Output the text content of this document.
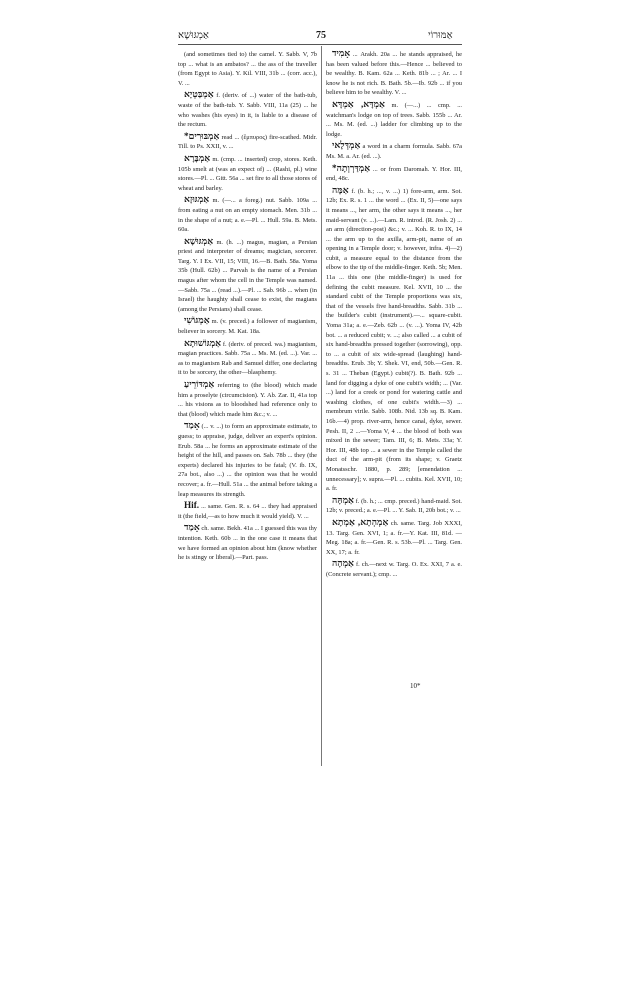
אַמְגּוּשָׁא	75	אַמּוּרוֹי

(and sometimes tied to) the camel. Y. Sabb. V, 7b top ... what is an ambatos? ... the ass of the traveller (from Egypt to Asia). Y. Kil. VIII, 31b ... (corr. acc.), V. ...

אַמְבַּטְיָא f. (deriv. of ...) water of the bath-tub, waste of the bath-tub. Y. Sabb. VIII, 11a (25) ... he who washes (his eyes) in it, is liable to a disease of the rectum.

*אַמְבּוּרִים read ... (ἔμπυρος) fire-scathed. Midr. Till. to Ps. XXII, v. ...

אַמְבָּרָא m. (cmp. ... inserted) crop, stores. Keth. 105b smelt at (was an expect of) ... (Rashi, pl.) wine stores.—Pl. ... Gitt. 56a ... set fire to all those stores of wheat and barley.

אַמְגּוּזָא m. (—... a foreg.) nut. Sabb. 109a ... from eating a nut on an empty stomach. Men. 31b ... in the shape of a nut; a. e.—Pl. ... Hull. 59a. B. Mets. 60a.

אַמְגּוּשָׁא m. (h. ...) magus, magian, a Persian priest and interpreter of dreams; magician, sorcerer. Targ. Y. I Ex. VII, 15; VIII, 16.—B. Bath. 58a. Yoma 35b (Hull. 62b) ... Parvah is the name of a Persian magus after whom the cell in the Temple was named.—Sabb. 75a ... (read ...).—Pl. ... Sab. 96b ... when (in Israel) the haughty shall cease to exist, the magians (among the Persians) shall cease.

אַמְגּוֹשִׁי m. (v. preced.) a follower of magianism, believer in sorcery. M. Kat. 18a.

אַמְגּוֹשׁוּתָא f. (deriv. of preced. wa.) magianism, magian practices. Sabb. 75a ... Ms. M. (ed. ...). Var. ... as to magianism Rab and Samuel differ, one declaring it to be sorcery, the other—blasphemy.

אַמְדּוֹרֵיעַ referring to (the blood) which made him a proselyte (circumcision). Y. Ab. Zar. II, 41a top ... his visions as to bloodshed had reference only to that (blood) which made him &c.; v. ...

אָמַד (... v. ...) to form an approximate estimate, to guess; to appraise, judge, deliver an expert's opinion. Erub. 58a ... he forms an approximate estimate of the height of the hill, and passes on. Sab. 78b ... they (the experts) declared his injuries to be fatal; (V. ib. IX, 27a bot., also ...) ... the opinion was that he would recover; a. fr.—Hull. 51a ... the animal before taking a leap measures its strength.

Hif. ... same. Gen. R. s. 64 ... they had appraised it (the field,—as to how much it would yield). V. ...

אָמַד ch. same. Bekh. 41a ... I guessed this was thy intention. Keth. 60b ... in the one case it means that we have formed an opinion about him (know whether he is stingy or liberal).—Part. pass.

אָמִיד ... Arakh. 20a ... he stands appraised, he has been valued before this.—Hence ... believed to be wealthy. B. Kam. 62a ... Keth. 81b ... ; Ar. ... I know he is not rich. B. Bath. 5b.—Ib. 92b ... if you believe him to be wealthy. V. ...

אַמְדָּא, אַמְדָּא m. (—...) ... cmp. ... watchman's lodge on top of trees. Sabb. 155b ... Ar. ... Ms. M. (ed. ...) ladder for climbing up to the lodge.

אַמְדְּלָאי a word in a charm formula. Sabb. 67a Ms. M. a. Ar. (ed. ...).

*אַמְדַּרְוְתָה ... or from Daromah. Y. Hor. III, end, 48c.

אַמָּה f. (b. h.; ..., v. ...) 1) fore-arm, arm. Sot. 12b; Ex. R. s. 1 ... the word ... (Ex. II, 5)—one says it means ..., her arm, the other says it means ..., her maid-servant (v. ...).—Lam. R. introd. (R. Josh. 2) ... an arm (direction-post) &c.; v. ... Koh. R. to IX, 14 ... the arm up to the axilla, arm-pit, name of an opening in a Temple door; v. however, infra. 4)—2) cubit, a measure equal to the distance from the elbow to the tip of the middle-finger. Keth. 5b; Men. 11a ... this one (the middle-finger) is used for defining the cubit measure. Kel. XVII, 10 ... the standard cubit of the Temple proportions was six, that of the vessels five hand-breadths. Sabb. 31b ... the builder's cubit (instrument).—... square-cubit. Yoma 31a; a. e.—Zeb. 62b ... (v. ...). Yoma IV, 42b bot. ... a reduced cubit; v. ...; also called ... a cubit of six hand-breadths pressed together (sorrowing), opp. to ... a cubit of six wide-spread (laughing) hand-breadths. Erub. 3b; Y. Shek. VI, end, 50b.—Gen. R. s. 31 ... Theban (Egypt.) cubit(?). B. Bath. 92b ... land for digging a dyke of one cubit's width; ... (Var. ...) land for a creek or pond for watering cattle and washing clothes, of one cubit's width.—3) ... membrum virile. Sabb. 108b. Nid. 13b sq. B. Kam. 16b.—4) prop. river-arm, hence canal, dyke, sewer. Pesh. II, 2 ...—Yoma V, 4 ... the blood of both was mixed in the sewer; Tam. III, 6; B. Mets. 33a; Y. Hor. III, 48b top ... a sewer in the Temple called the duct of the arm-pit (from its shape; v. Graetz Monatsschr. 1880, p. 289; [emendation ... unnecessary]; v. supra.—Pl. ... cubits. Kel. XVII, 10; a. fr.

אַמְהָּה f. (b. h.; ... cmp. preced.) hand-maid. Sot. 12b; v. preced.; a. e.—Pl. ... Y. Sab. II, 20b bot.; v. ...

אַמְהְתָא, אַמְתָא ch. same. Targ. Job XXXI, 13. Targ. Gen. XVI, 1; a. fr.—Y. Kat. III, 81d. —Meg. 18a; a. fr.—Gen. R. s. 53b.—Pl. ... Targ. Gen. XX, 17; a. fr.

אַמְהָה f. ch.—next w. Targ. O. Ex. XXI, 7 a. e. (Concrete servant.); cmp. ...

10*
